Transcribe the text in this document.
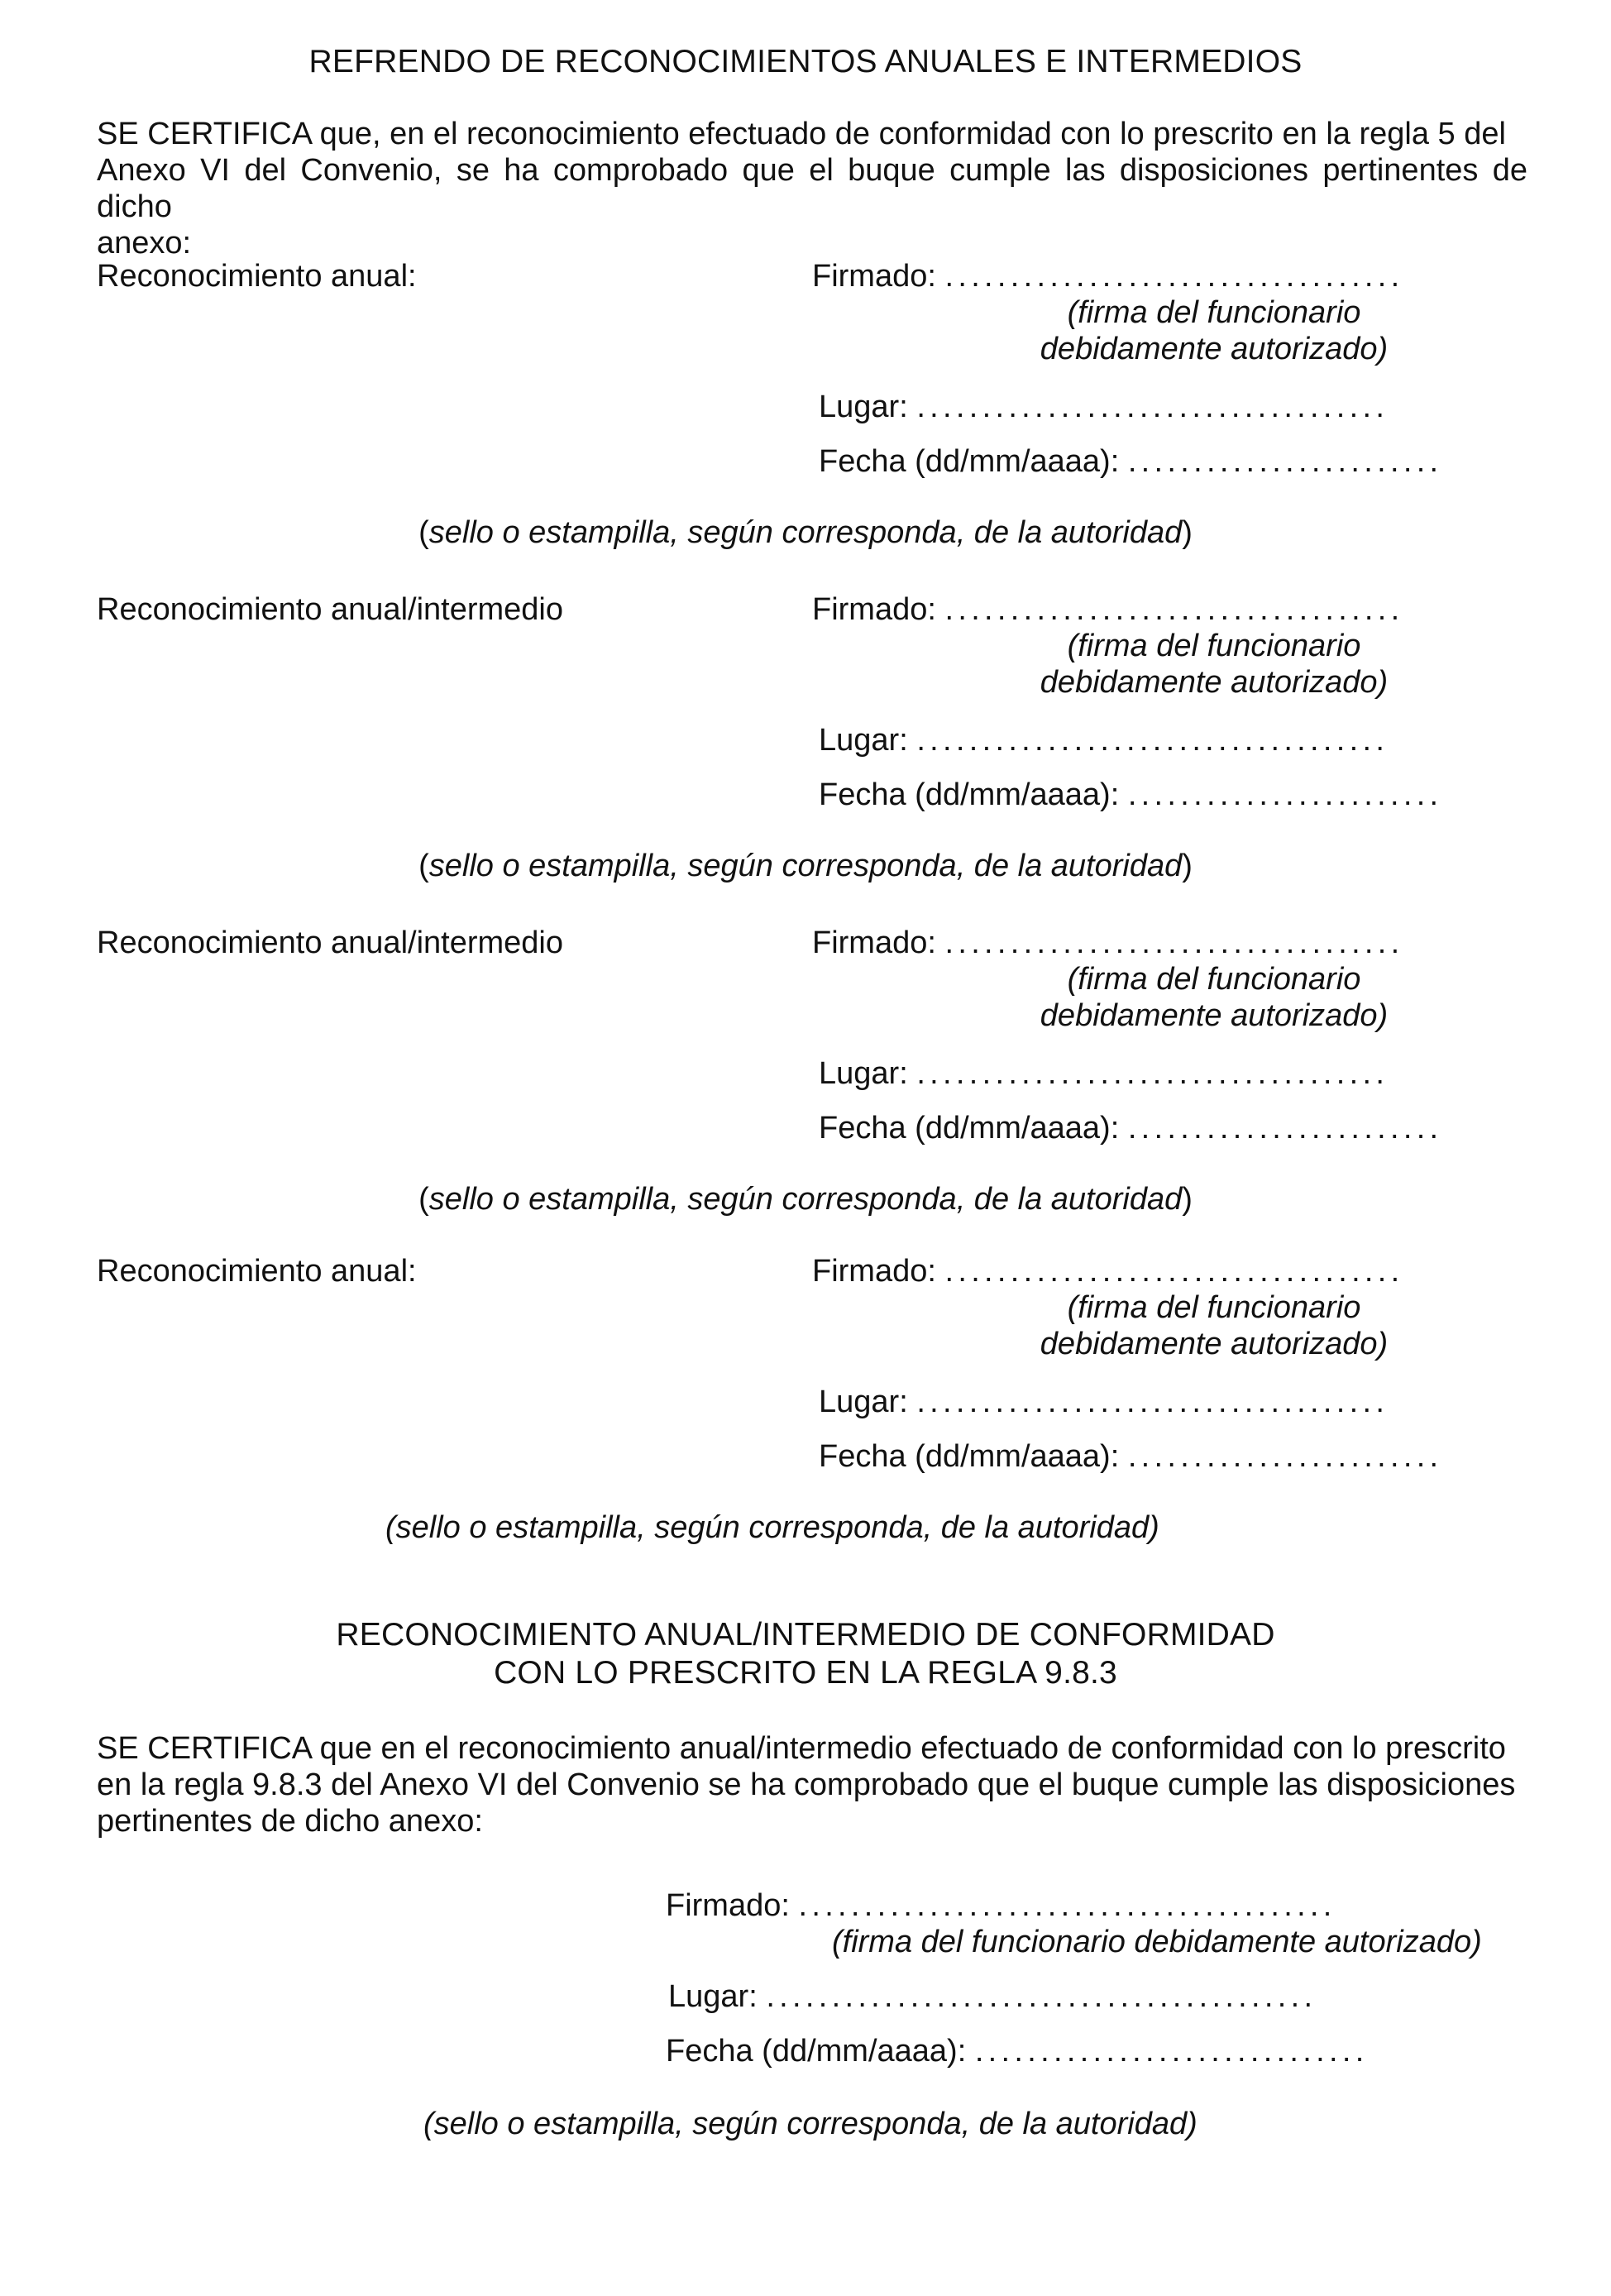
REFRENDO DE RECONOCIMIENTOS ANUALES E INTERMEDIOS
SE CERTIFICA que, en el reconocimiento efectuado de conformidad con lo prescrito en la regla 5 del
Anexo VI del Convenio, se ha comprobado que el buque cumple las disposiciones pertinentes de dicho
anexo:
Reconocimiento anual:	Firmado: ...................................
(firma del funcionario
debidamente autorizado)
Lugar: ....................................
Fecha (dd/mm/aaaa): ........................
(sello o estampilla, según corresponda, de la autoridad)
Reconocimiento anual/intermedio	Firmado: ...................................
(firma del funcionario
debidamente autorizado)
Lugar: ....................................
Fecha (dd/mm/aaaa): ........................
(sello o estampilla, según corresponda, de la autoridad)
Reconocimiento anual/intermedio	Firmado: ...................................
(firma del funcionario
debidamente autorizado)
Lugar: ....................................
Fecha (dd/mm/aaaa): ........................
(sello o estampilla, según corresponda, de la autoridad)
Reconocimiento anual:	Firmado: ...................................
(firma del funcionario
debidamente autorizado)
Lugar: ....................................
Fecha (dd/mm/aaaa): ........................
(sello o estampilla, según corresponda, de la autoridad)
RECONOCIMIENTO ANUAL/INTERMEDIO DE CONFORMIDAD
CON LO PRESCRITO EN LA REGLA 9.8.3
SE CERTIFICA que en el reconocimiento anual/intermedio efectuado de conformidad con lo prescrito
en la regla 9.8.3 del Anexo VI del Convenio se ha comprobado que el buque cumple las disposiciones
pertinentes de dicho anexo:
Firmado: .........................................
(firma del funcionario debidamente autorizado)
Lugar: ..........................................
Fecha (dd/mm/aaaa): ..............................
(sello o estampilla, según corresponda, de la autoridad)
